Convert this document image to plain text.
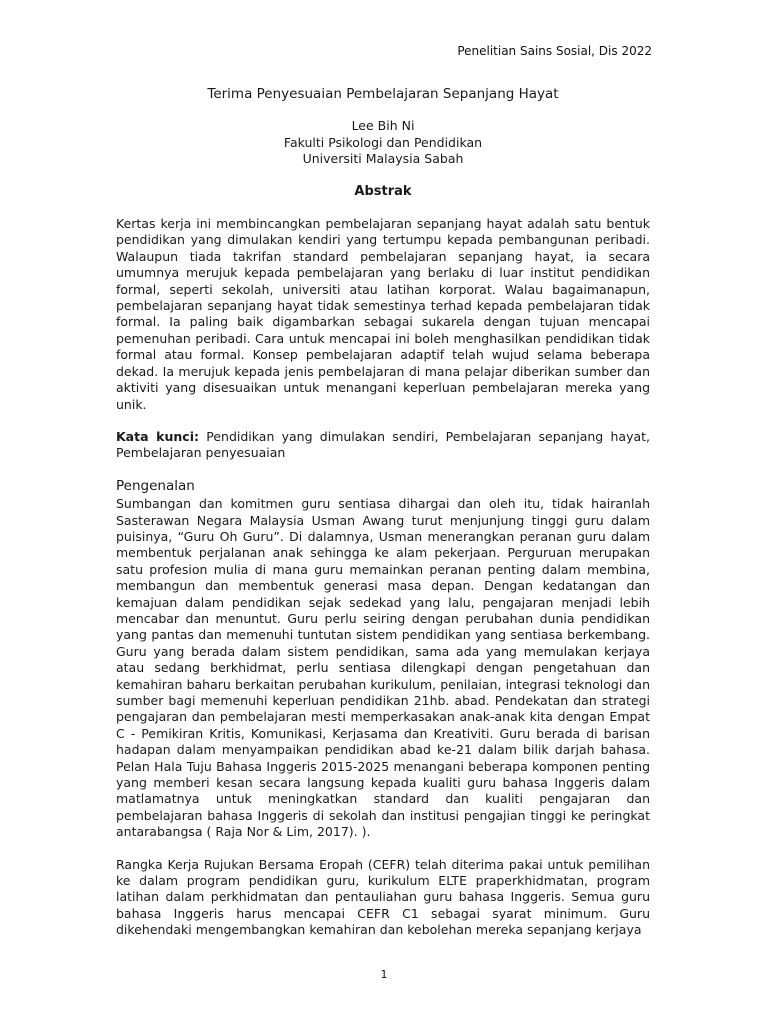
Penelitian Sains Sosial, Dis 2022
Terima Penyesuaian Pembelajaran Sepanjang Hayat
Lee Bih Ni
Fakulti Psikologi dan Pendidikan
Universiti Malaysia Sabah
Abstrak

Kertas kerja ini membincangkan pembelajaran sepanjang hayat adalah satu bentuk pendidikan yang dimulakan kendiri yang tertumpu kepada pembangunan peribadi. Walaupun tiada takrifan standard pembelajaran sepanjang hayat, ia secara umumnya merujuk kepada pembelajaran yang berlaku di luar institut pendidikan formal, seperti sekolah, universiti atau latihan korporat. Walau bagaimanapun, pembelajaran sepanjang hayat tidak semestinya terhad kepada pembelajaran tidak formal. Ia paling baik digambarkan sebagai sukarela dengan tujuan mencapai pemenuhan peribadi. Cara untuk mencapai ini boleh menghasilkan pendidikan tidak formal atau formal. Konsep pembelajaran adaptif telah wujud selama beberapa dekad. Ia merujuk kepada jenis pembelajaran di mana pelajar diberikan sumber dan aktiviti yang disesuaikan untuk menangani keperluan pembelajaran mereka yang unik.

Kata kunci: Pendidikan yang dimulakan sendiri, Pembelajaran sepanjang hayat, Pembelajaran penyesuaian

Pengenalan

Sumbangan dan komitmen guru sentiasa dihargai dan oleh itu, tidak hairanlah Sasterawan Negara Malaysia Usman Awang turut menjunjung tinggi guru dalam puisinya, “Guru Oh Guru”. Di dalamnya, Usman menerangkan peranan guru dalam membentuk perjalanan anak sehingga ke alam pekerjaan. Perguruan merupakan satu profesion mulia di mana guru memainkan peranan penting dalam membina, membangun dan membentuk generasi masa depan. Dengan kedatangan dan kemajuan dalam pendidikan sejak sedekad yang lalu, pengajaran menjadi lebih mencabar dan menuntut. Guru perlu seiring dengan perubahan dunia pendidikan yang pantas dan memenuhi tuntutan sistem pendidikan yang sentiasa berkembang. Guru yang berada dalam sistem pendidikan, sama ada yang memulakan kerjaya atau sedang berkhidmat, perlu sentiasa dilengkapi dengan pengetahuan dan kemahiran baharu berkaitan perubahan kurikulum, penilaian, integrasi teknologi dan sumber bagi memenuhi keperluan pendidikan 21hb. abad. Pendekatan dan strategi pengajaran dan pembelajaran mesti memperkasakan anak-anak kita dengan Empat C - Pemikiran Kritis, Komunikasi, Kerjasama dan Kreativiti. Guru berada di barisan hadapan dalam menyampaikan pendidikan abad ke-21 dalam bilik darjah bahasa. Pelan Hala Tuju Bahasa Inggeris 2015-2025 menangani beberapa komponen penting yang memberi kesan secara langsung kepada kualiti guru bahasa Inggeris dalam matlamatnya untuk meningkatkan standard dan kualiti pengajaran dan pembelajaran bahasa Inggeris di sekolah dan institusi pengajian tinggi ke peringkat antarabangsa ( Raja Nor & Lim, 2017). ).

Rangka Kerja Rujukan Bersama Eropah (CEFR) telah diterima pakai untuk pemilihan ke dalam program pendidikan guru, kurikulum ELTE praperkhidmatan, program latihan dalam perkhidmatan dan pentauliahan guru bahasa Inggeris. Semua guru bahasa Inggeris harus mencapai CEFR C1 sebagai syarat minimum. Guru dikehendaki mengembangkan kemahiran dan kebolehan mereka sepanjang kerjaya

1
